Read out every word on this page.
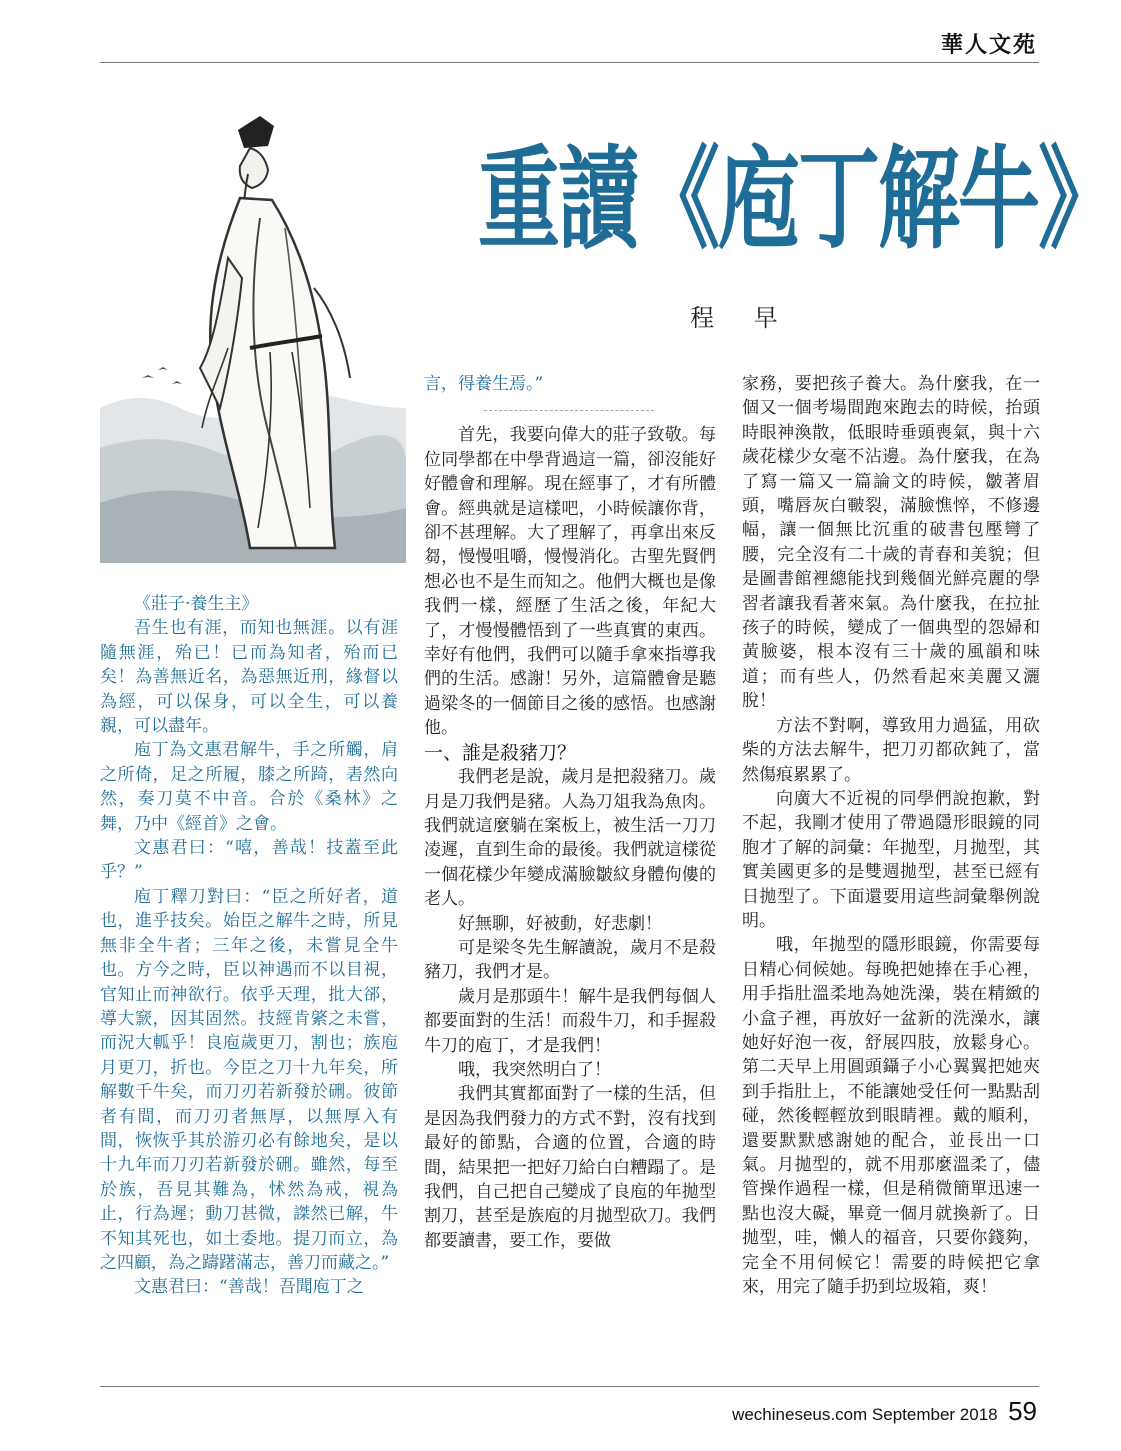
華人文苑
重讀《庖丁解牛》
程 早

《莊子·養生主》

吾生也有涯，而知也無涯。以有涯隨無涯，殆已！已而為知者，殆而已矣！為善無近名，為惡無近刑，緣督以為經，可以保身，可以全生，可以養親，可以盡年。

庖丁為文惠君解牛，手之所觸，肩之所倚，足之所履，膝之所踦，砉然向然，奏刀莫不中音。合於《桑林》之舞，乃中《經首》之會。

文惠君曰：“嘻，善哉！技蓋至此乎？”

庖丁釋刀對曰：“臣之所好者，道也，進乎技矣。始臣之解牛之時，所見無非全牛者；三年之後，未嘗見全牛也。方今之時，臣以神遇而不以目視，官知止而神欲行。依乎天理，批大郤，導大窾，因其固然。技經肯綮之未嘗，而況大軱乎！良庖歲更刀，割也；族庖月更刀，折也。今臣之刀十九年矣，所解數千牛矣，而刀刃若新發於硎。彼節者有間，而刀刃者無厚，以無厚入有間，恢恢乎其於游刃必有餘地矣，是以十九年而刀刃若新發於硎。雖然，每至於族，吾見其難為，怵然為戒，視為止，行為遲；動刀甚微，謋然已解，牛不知其死也，如土委地。提刀而立，為之四顧，為之躊躇滿志，善刀而藏之。”

文惠君曰：“善哉！吾聞庖丁之

言，得養生焉。”

首先，我要向偉大的莊子致敬。每位同學都在中學背過這一篇，卻沒能好好體會和理解。現在經事了，才有所體會。經典就是這樣吧，小時候讓你背，卻不甚理解。大了理解了，再拿出來反芻，慢慢咀嚼，慢慢消化。古聖先賢們想必也不是生而知之。他們大概也是像我們一樣，經歷了生活之後，年紀大了，才慢慢體悟到了一些真實的東西。幸好有他們，我們可以隨手拿來指導我們的生活。感謝！另外，這篇體會是聽過梁冬的一個節目之後的感悟。也感謝他。

一、誰是殺豬刀？

我們老是說，歲月是把殺豬刀。歲月是刀我們是豬。人為刀俎我為魚肉。我們就這麼躺在案板上，被生活一刀刀凌遲，直到生命的最後。我們就這樣從一個花樣少年變成滿臉皺紋身體佝僂的老人。

好無聊，好被動，好悲劇！

可是梁冬先生解讀說，歲月不是殺豬刀，我們才是。

歲月是那頭牛！解牛是我們每個人都要面對的生活！而殺牛刀，和手握殺牛刀的庖丁，才是我們！

哦，我突然明白了！

我們其實都面對了一樣的生活，但是因為我們發力的方式不對，沒有找到最好的節點，合適的位置，合適的時間，結果把一把好刀給白白糟蹋了。是我們，自己把自己變成了良庖的年拋型割刀，甚至是族庖的月拋型砍刀。我們都要讀書，要工作，要做

家務，要把孩子養大。為什麼我，在一個又一個考場間跑來跑去的時候，抬頭時眼神渙散，低眼時垂頭喪氣，與十六歲花樣少女毫不沾邊。為什麼我，在為了寫一篇又一篇論文的時候，皺著眉頭，嘴唇灰白皸裂，滿臉憔悴，不修邊幅，讓一個無比沉重的破書包壓彎了腰，完全沒有二十歲的青春和美貌；但是圖書館裡總能找到幾個光鮮亮麗的學習者讓我看著來氣。為什麼我，在拉扯孩子的時候，變成了一個典型的怨婦和黃臉婆，根本沒有三十歲的風韻和味道；而有些人，仍然看起來美麗又灑脫！

方法不對啊，導致用力過猛，用砍柴的方法去解牛，把刀刃都砍鈍了，當然傷痕累累了。

向廣大不近視的同學們說抱歉，對不起，我剛才使用了帶過隱形眼鏡的同胞才了解的詞彙：年拋型，月拋型，其實美國更多的是雙週拋型，甚至已經有日拋型了。下面還要用這些詞彙舉例說明。

哦，年拋型的隱形眼鏡，你需要每日精心伺候她。每晚把她捧在手心裡，用手指肚溫柔地為她洗澡，裝在精緻的小盒子裡，再放好一盆新的洗澡水，讓她好好泡一夜，舒展四肢，放鬆身心。第二天早上用圓頭鑷子小心翼翼把她夾到手指肚上，不能讓她受任何一點點刮碰，然後輕輕放到眼睛裡。戴的順利，還要默默感謝她的配合，並長出一口氣。月拋型的，就不用那麼溫柔了，儘管操作過程一樣，但是稍微簡單迅速一點也沒大礙，畢竟一個月就換新了。日拋型，哇，懶人的福音，只要你錢夠，完全不用伺候它！需要的時候把它拿來，用完了隨手扔到垃圾箱，爽！

wechineseus.com September 2018 59
